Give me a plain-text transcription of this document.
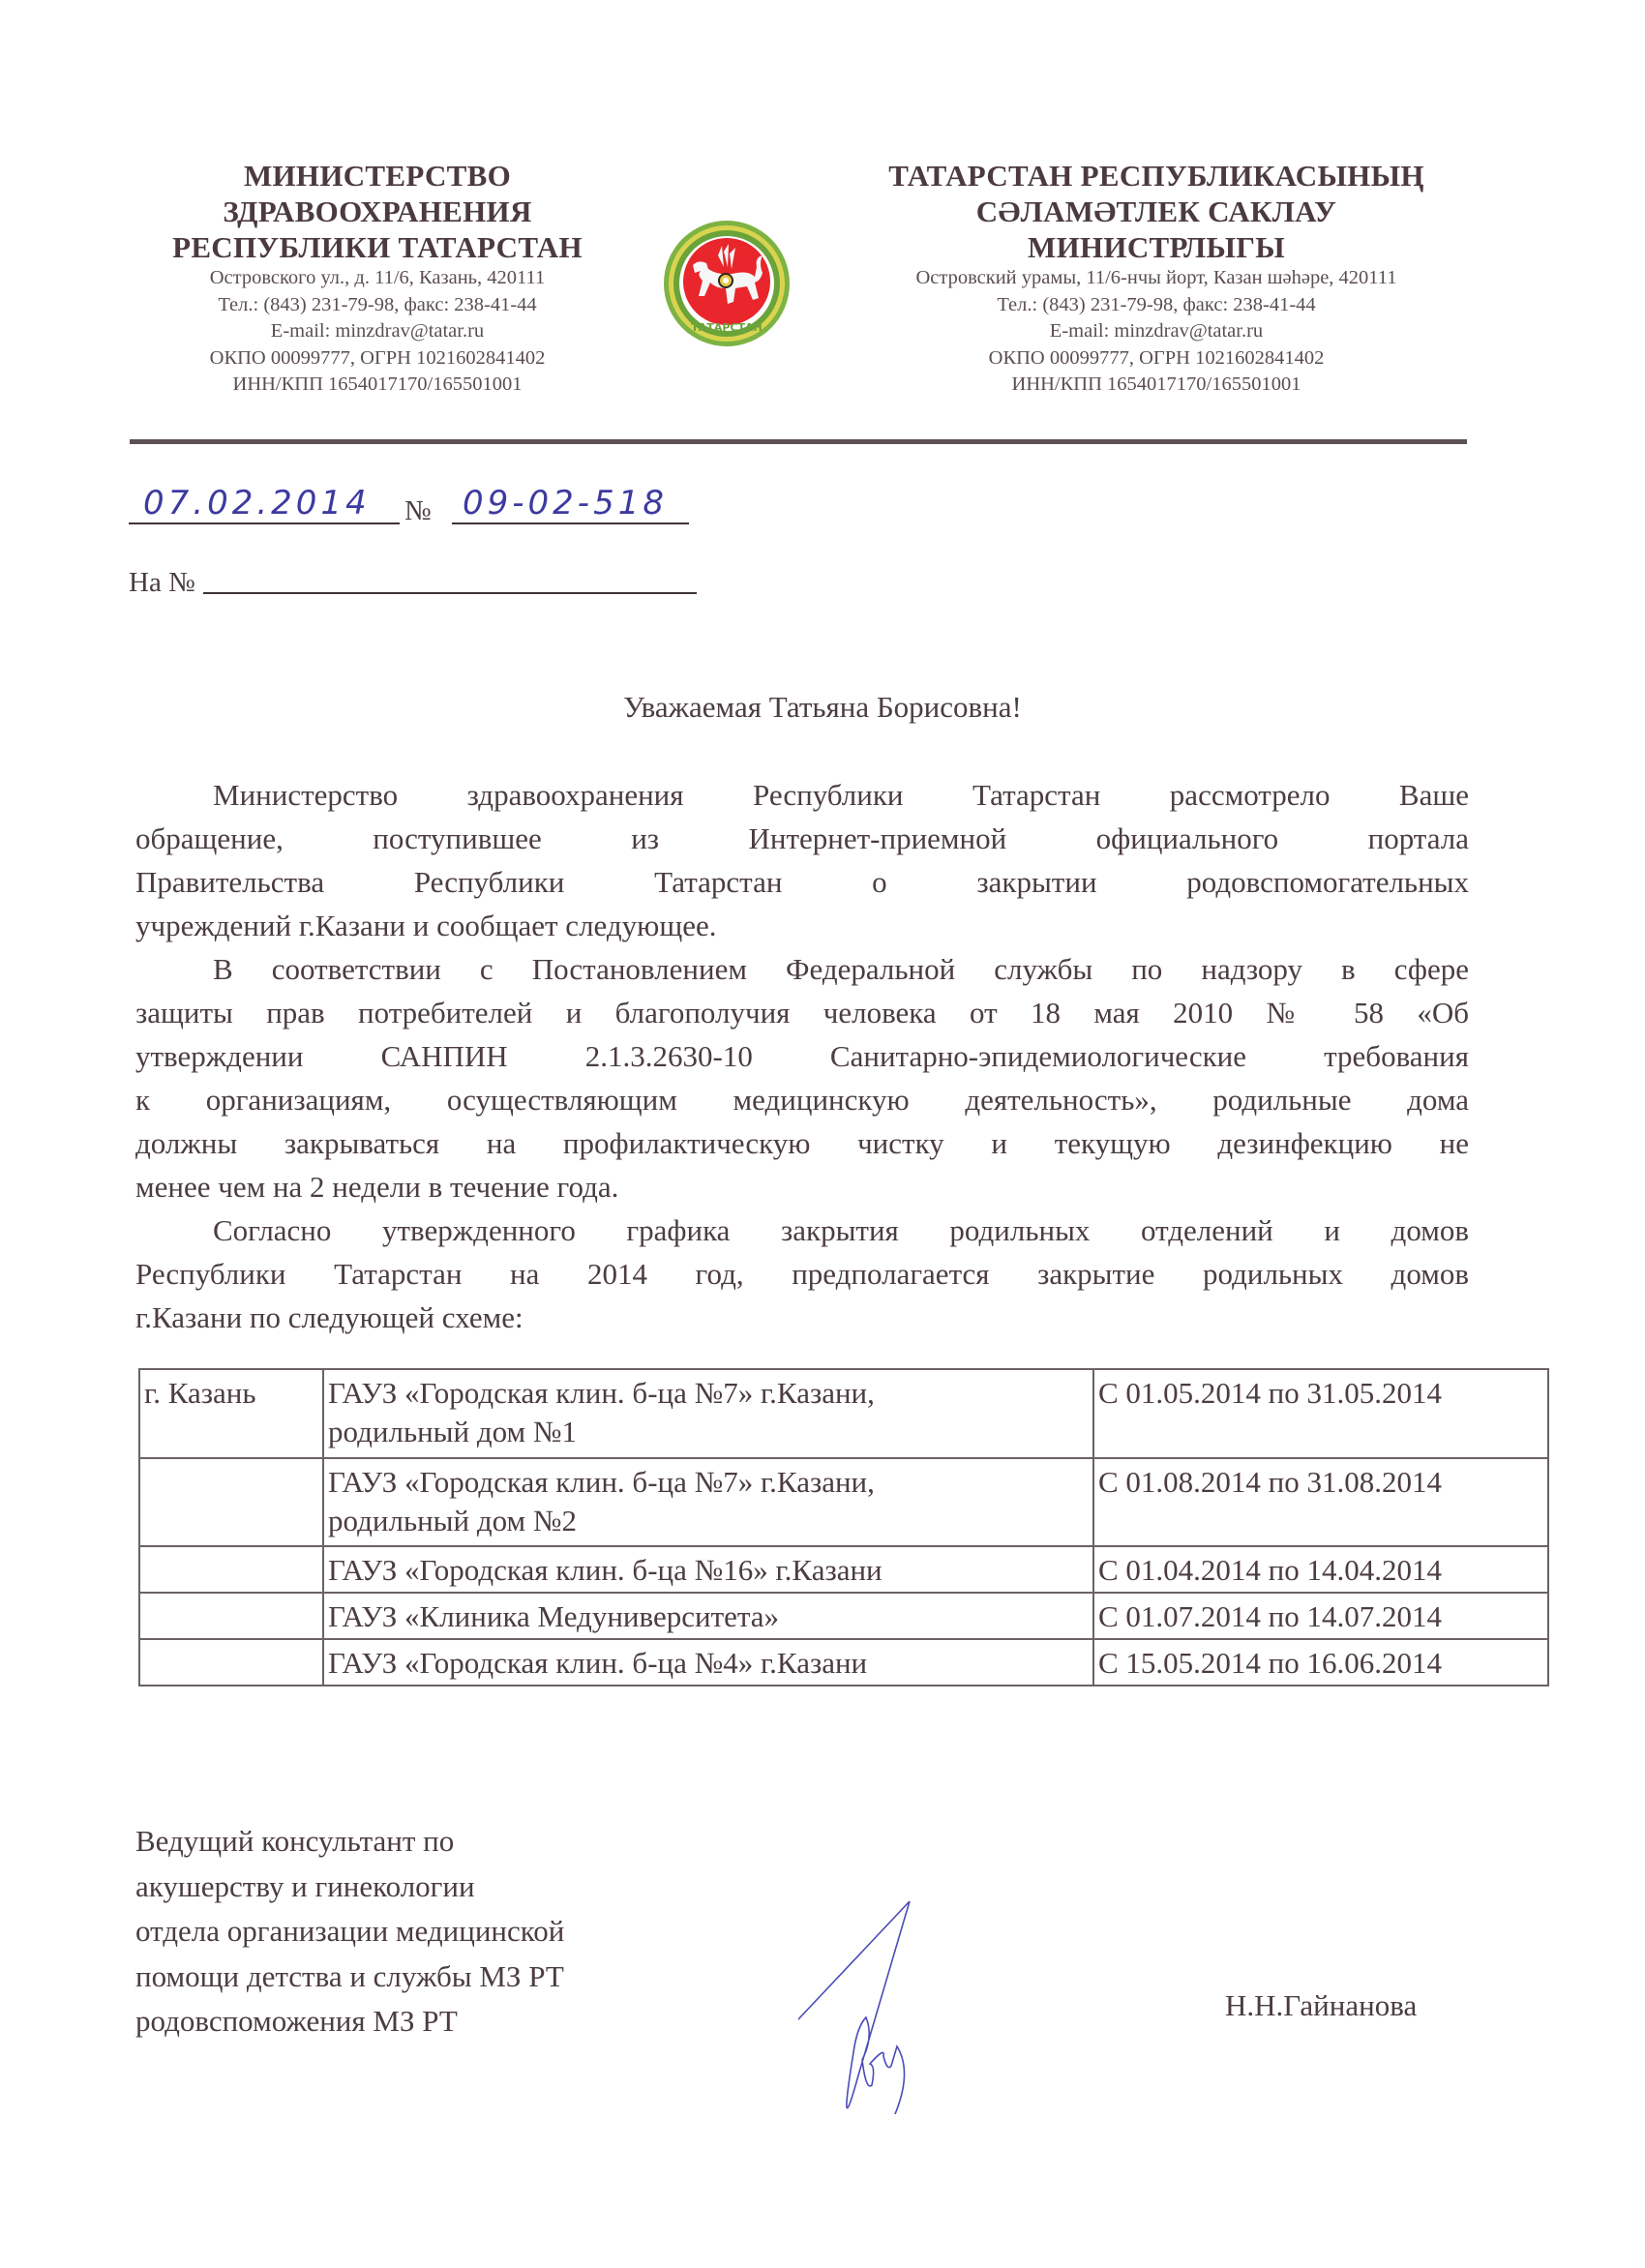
МИНИСТЕРСТВО
ЗДРАВООХРАНЕНИЯ
РЕСПУБЛИКИ ТАТАРСТАН
Островского ул., д. 11/6, Казань, 420111
Тел.: (843) 231-79-98, факс: 238-41-44
E-mail: minzdrav@tatar.ru
ОКПО 00099777, ОГРН 1021602841402
ИНН/КПП 1654017170/165501001
ТАТАРСТАН
ТАТАРСТАН РЕСПУБЛИКАСЫНЫҢ
СӘЛАМӘТЛЕК САКЛАУ
МИНИСТРЛЫГЫ
Островский урамы, 11/6-нчы йорт, Казан шәһәре, 420111
Тел.: (843) 231-79-98, факс: 238-41-44
E-mail: minzdrav@tatar.ru
ОКПО 00099777, ОГРН 1021602841402
ИНН/КПП 1654017170/165501001
07.02.2014 № 09-02-518
На №
Уважаемая Татьяна Борисовна!
Министерство здравоохранения Республики Татарстан рассмотрело Ваше
обращение, поступившее из Интернет-приемной официального портала
Правительства Республики Татарстан о закрытии родовспомогательных
учреждений г.Казани и сообщает следующее.
В соответствии с Постановлением Федеральной службы по надзору в сфере
защиты прав потребителей и благополучия человека от 18 мая 2010 № 58 «Об
утверждении САНПИН 2.1.3.2630-10 Санитарно-эпидемиологические требования
к организациям, осуществляющим медицинскую деятельность», родильные дома
должны закрываться на профилактическую чистку и текущую дезинфекцию не
менее чем на 2 недели в течение года.
Согласно утвержденного графика закрытия родильных отделений и домов
Республики Татарстан на 2014 год, предполагается закрытие родильных домов
г.Казани по следующей схеме:
г. Казань	ГАУЗ «Городская клин. б-ца №7» г.Казани,
родильный дом №1	С 01.05.2014 по 31.05.2014

	ГАУЗ «Городская клин. б-ца №7» г.Казани,
родильный дом №2	С 01.08.2014 по 31.08.2014

	ГАУЗ «Городская клин. б-ца №16» г.Казани	С 01.04.2014 по 14.04.2014

	ГАУЗ «Клиника Медуниверситета»	С 01.07.2014 по 14.07.2014

	ГАУЗ «Городская клин. б-ца №4» г.Казани	С 15.05.2014 по 16.06.2014
Ведущий консультант по
акушерству и гинекологии
отдела организации медицинской
помощи детства и службы МЗ РТ
родовспоможения МЗ РТ	Н.Н.Гайнанова
